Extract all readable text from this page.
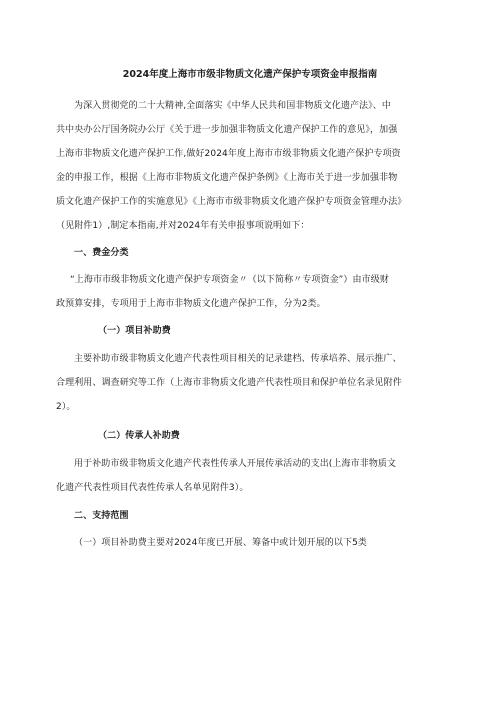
2024年度上海市市级非物质文化遗产保护专项资金申报指南
为深入贯彻党的二十大精神,全面落实《中华人民共和国非物质文化遗产法》、中
共中央办公厅国务院办公厅《关于进一步加强非物质文化遗产保护工作的意见》，加强
上海市非物质文化遗产保护工作,做好2024年度上海市市级非物质文化遗产保护专项资
金的申报工作，根据《上海市非物质文化遗产保护条例》《上海市关于进一步加强非物
质文化遗产保护工作的实施意见》《上海市市级非物质文化遗产保护专项资金管理办法》
（见附件1）,制定本指南,并对2024年有关申报事项说明如下：
一、费金分类
“上海市市级非物质文化遗产保护专项资金〃（以下简称〃专项资金”）由市级财
政预算安排，专项用于上海市非物质文化遗产保护工作，分为2类。
（一）项目补助费
主要补助市级非物质文化遗产代表性项目相关的记录建档、传承培养、展示推广、
合理利用、调查研究等工作（上海市非物质文化遗产代表性项目和保护单位名录见附件
2）。
（二）传承人补助费
用于补助市级非物质文化遗产代表性传承人开展传承活动的支出(上海市非物质文
化遗产代表性项目代表性传承人名单见附件3）。
二、支持范围
（一）项目补助费主要对2024年度已开展、筹备中或计划开展的以下5类
